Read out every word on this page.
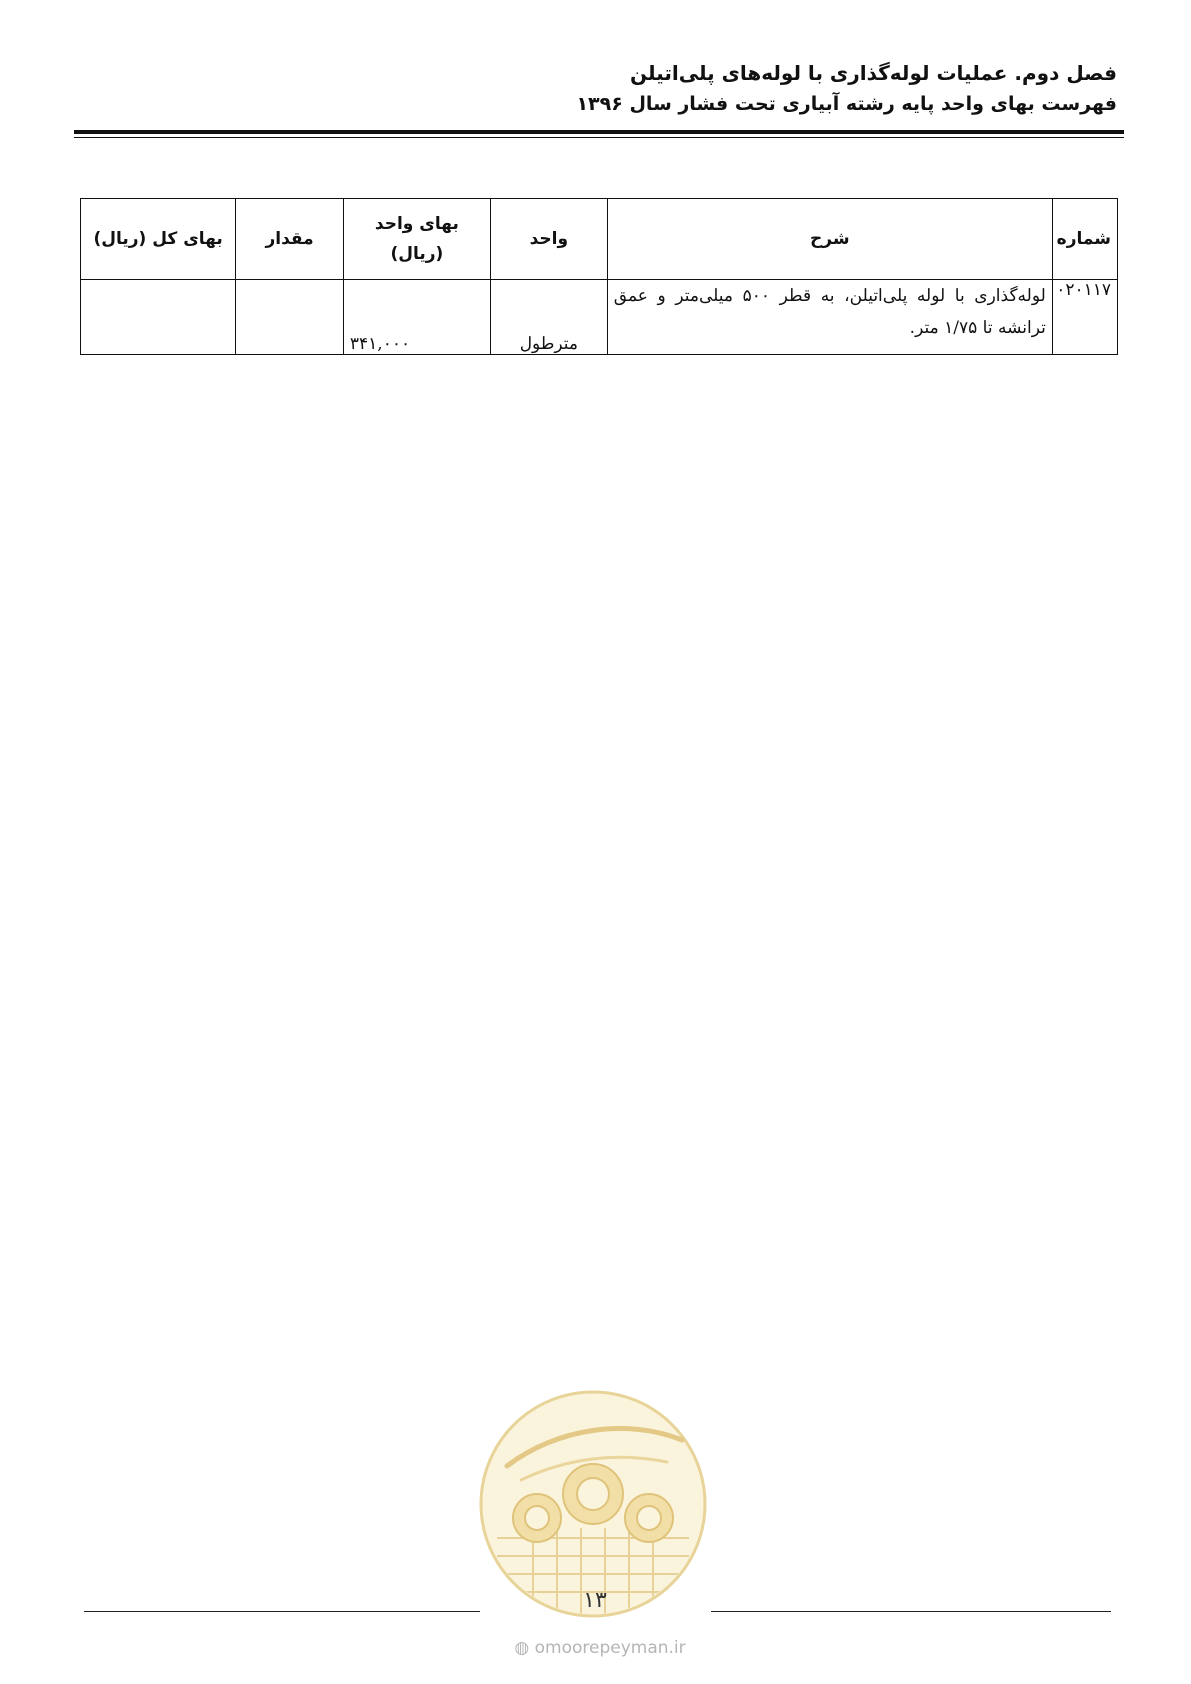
فصل دوم. عملیات لوله‌گذاری با لوله‌های پلی‌اتیلن
فهرست بهای واحد پایه رشته آبیاری تحت فشار سال ۱۳۹۶
شماره	شرح	واحد	بهای واحد (ریال)	مقدار	بهای کل (ریال)
۰۲۰۱۱۷	لوله‌گذاری با لوله پلی‌اتیلن، به قطر ۵۰۰ میلی‌متر و عمق ترانشه تا ۱/۷۵ متر.	مترطول	۳۴۱,۰۰۰		
۱۳
◍ omoorepeyman.ir
